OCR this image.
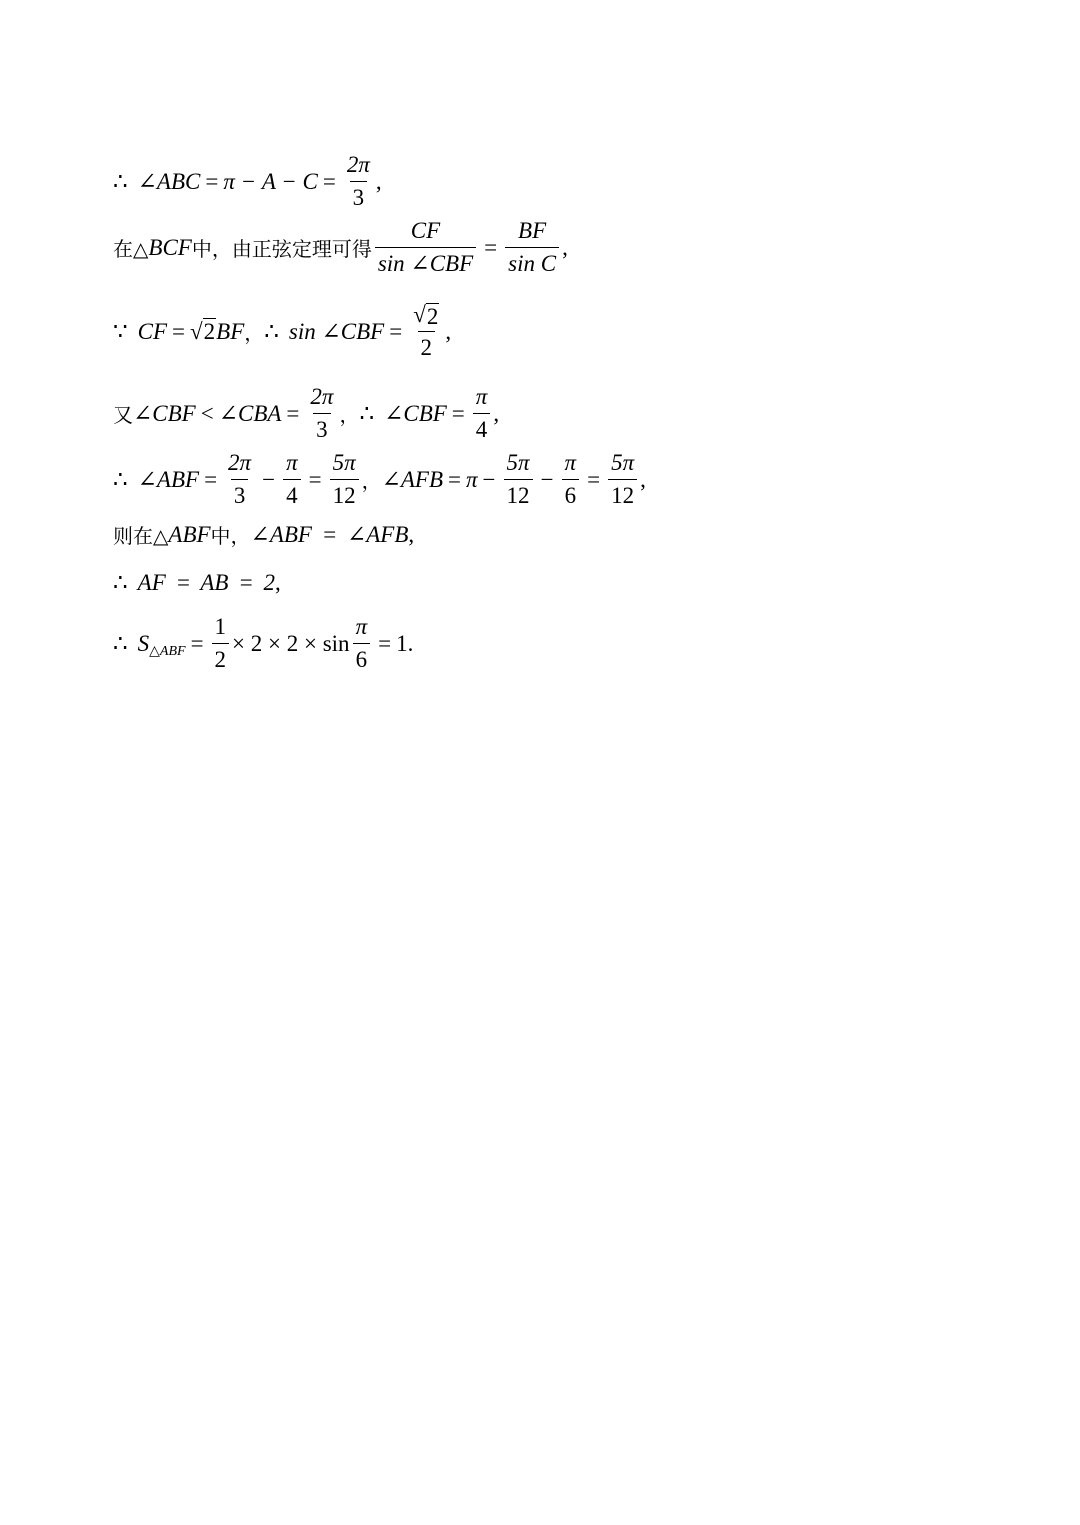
∴ ∠ABC = $\pi - A - C = \frac{2\pi}{3}$ ,
在△ BCF 中，由正弦定理可得 $\frac{CF}{\text{sin ∠CBF}} = \frac{BF}{\text{sin C}}$ ,
∵ CF = √ 2 BF ， ∴ sin ∠CBF = $\frac{√ 2}{2}$ ,
又 ∠CBF < ∠CBA = $\frac{2\pi}{3}$ ， ∴ ∠CBF = $\frac{\pi}{4}$ ,
∴ ∠ABF = $\frac{2\pi}{3} - \frac{\pi}{4} = \frac{5\pi}{12}$ ， ∠AFB = $\pi - \frac{5\pi}{12} - \frac{\pi}{6} = \frac{5\pi}{12}$ ,
则在△ ABF 中， ∠ABF = ∠AFB ,
∴ AF = AB = 2 ,
∴ S △ABF = $\frac{1}{2} \times 2 \times 2 \times \sin \frac{\pi}{6} = 1$ .
